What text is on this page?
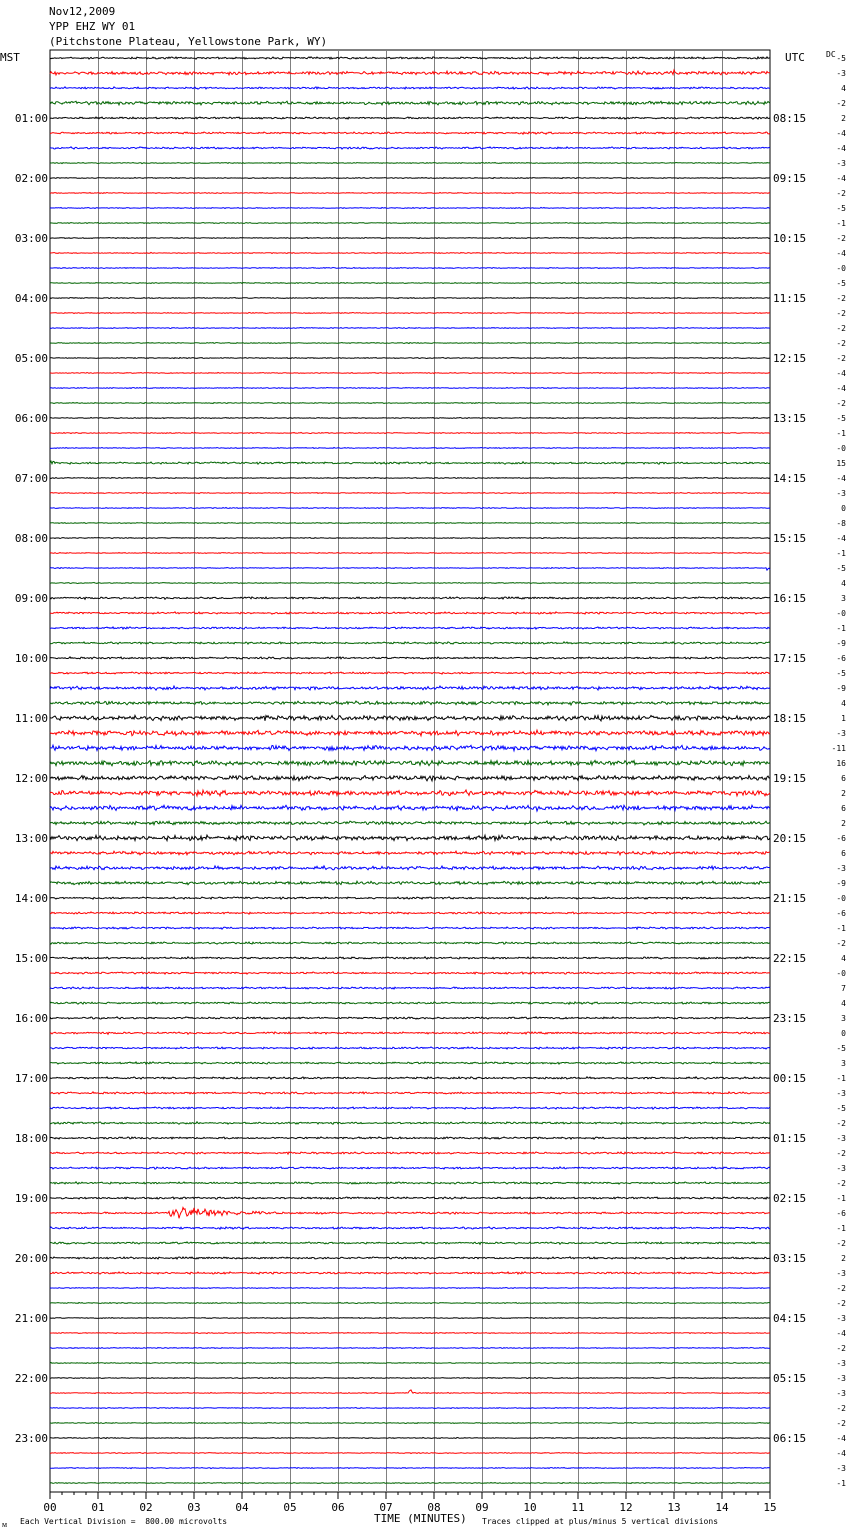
Nov12,2009
YPP EHZ WY 01
(Pitchstone Plateau, Yellowstone Park, WY)
MST	UTC	DC
00	01	02	03	04	05	06	07	08	09	10	11	12	13	14	15
-5
-3
4
-2
2
-4
-4
-3
-4
-2
-5
-1
-2
-4
-0
-5
-2
-2
-2
-2
-2
-4
-4
-2
-5
-1
-0
15
-4
-3
0
-8
-4
-1
-5
4
3
-0
-1
-9
-6
-5
-9
4
1
-3
-11
16
6
2
6
2
-6
6
-3
-9
-0
-6
-1
-2
4
-0
7
4
3
0
-5
3
-1
-3
-5
-2
-3
-2
-3
-2
-1
-6
-1
-2
2
-3
-2
-2
-3
-4
-2
-3
-3
-3
-2
-2
-4
-4
-3
-1
01:00
02:00
03:00
04:00
05:00
06:00
07:00
08:00
09:00
10:00
11:00
12:00
13:00
14:00
15:00
16:00
17:00
18:00
19:00
20:00
21:00
22:00
23:00
08:15
09:15
10:15
11:15
12:15
13:15
14:15
15:15
16:15
17:15
18:15
19:15
20:15
21:15
22:15
23:15
00:15
01:15
02:15
03:15
04:15
05:15
06:15
ᴍ Each Vertical Division =  800.00 microvolts	TIME (MINUTES) Traces clipped at plus/minus 5 vertical divisions
